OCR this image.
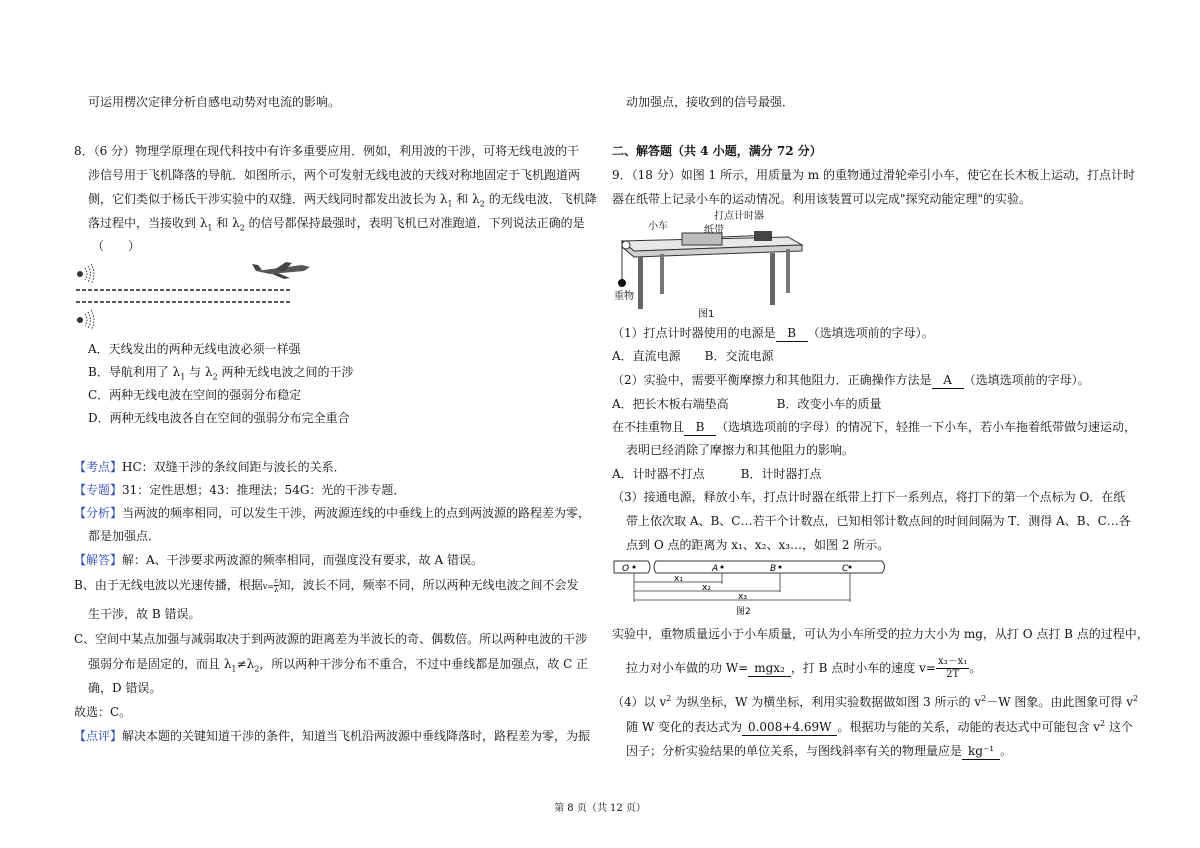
可运用楞次定律分析自感电动势对电流的影响。
8．（6 分）物理学原理在现代科技中有许多重要应用．例如，利用波的干涉，可将无线电波的干
涉信号用于飞机降落的导航．如图所示，两个可发射无线电波的天线对称地固定于飞机跑道两
侧，它们类似于杨氏干涉实验中的双缝．两天线同时都发出波长为 $\lambda_1$ 和 $\lambda_2$ 的无线电波．飞机降
落过程中，当接收到 $\lambda_1$ 和 $\lambda_2$ 的信号都保持最强时，表明飞机已对准跑道．下列说法正确的是
（　　）
A．天线发出的两种无线电波必须一样强
B．导航利用了 $\lambda_1$ 与 $\lambda_2$ 两种无线电波之间的干涉
C．两种无线电波在空间的强弱分布稳定
D．两种无线电波各自在空间的强弱分布完全重合
【考点】HC：双缝干涉的条纹间距与波长的关系．
【专题】31：定性思想；43：推理法；54G：光的干涉专题．
【分析】当两波的频率相同，可以发生干涉，两波源连线的中垂线上的点到两波源的路程差为零，
都是加强点．
【解答】解：A、干涉要求两波源的频率相同，而强度没有要求，故 A 错误。
B、由于无线电波以光速传播，根据$v= \frac{c}{\lambda}$知，波长不同，频率不同，所以两种无线电波之间不会发
生干涉，故 B 错误。
C、空间中某点加强与减弱取决于到两波源的距离差为半波长的奇、偶数倍。所以两种电波的干涉
强弱分布是固定的，而且 $\lambda_1\ne\lambda_2$，所以两种干涉分布不重合，不过中垂线都是加强点，故 C 正
确，D 错误。
故选：C。
【点评】解决本题的关键知道干涉的条件，知道当飞机沿两波源中垂线降落时，路程差为零，为振
动加强点，接收到的信号最强．
二、解答题（共 4 小题，满分 72 分）
9．（18 分）如图 1 所示，用质量为 m 的重物通过滑轮牵引小车，使它在长木板上运动，打点计时
器在纸带上记录小车的运动情况。利用该装置可以完成"探究动能定理"的实验。
小车
打点计时器
纸带
重物
图1
（1）打点计时器使用的电源是 B （选填选项前的字母）。
A．直流电源　　B．交流电源
（2）实验中，需要平衡摩擦力和其他阻力．正确操作方法是 A （选填选项前的字母）。
A．把长木板右端垫高　　　　B．改变小车的质量
在不挂重物且 B （选填选项前的字母）的情况下，轻推一下小车，若小车拖着纸带做匀速运动，
表明已经消除了摩擦力和其他阻力的影响。
A．计时器不打点　　　B．计时器打点
（3）接通电源，释放小车，打点计时器在纸带上打下一系列点，将打下的第一个点标为 O．在纸
带上依次取 A、B、C…若干个计数点，已知相邻计数点间的时间间隔为 T．测得 A、B、C…各
点到 O 点的距离为 x₁、x₂、x₃…，如图 2 所示。
O	A	B	C
x₁
x₂
x₃
图2
实验中，重物质量远小于小车质量，可认为小车所受的拉力大小为 mg，从打 O 点打 B 点的过程中，
拉力对小车做的功 W= mgx₂ ，打 B 点时小车的速度 $v= \frac{\text{x₃－x₁}}{2T}$ 。
（4）以 $v^2$ 为纵坐标，W 为横坐标，利用实验数据做如图 3 所示的 $v^2-W$ 图象。由此图象可得 $v^2$
随 W 变化的表达式为 0.008+4.69W 。根据功与能的关系，动能的表达式中可能包含 $v^2$ 这个
因子；分析实验结果的单位关系，与图线斜率有关的物理量应是 kg⁻¹ 。
第 8 页（共 12 页）
